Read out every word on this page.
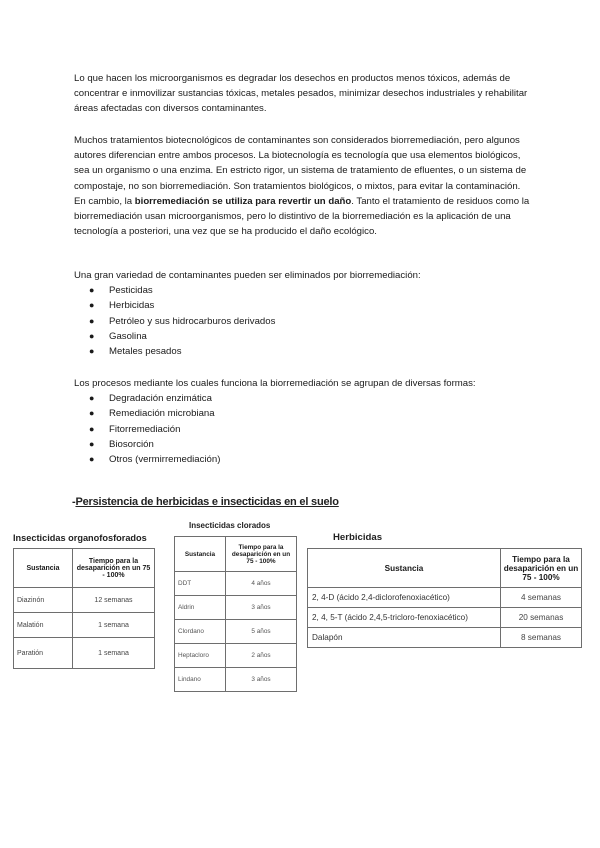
Lo que hacen los microorganismos es degradar los desechos en productos menos tóxicos, además de concentrar e inmovilizar sustancias tóxicas, metales pesados, minimizar desechos industriales y rehabilitar áreas afectadas con diversos contaminantes.

Muchos tratamientos biotecnológicos de contaminantes son considerados biorremediación, pero algunos autores diferencian entre ambos procesos. La biotecnología es tecnología que usa elementos biológicos, sea un organismo o una enzima. En estricto rigor, un sistema de tratamiento de efluentes, o un sistema de compostaje, no son biorremediación. Son tratamientos biológicos, o mixtos, para evitar la contaminación. En cambio, la biorremediación se utiliza para revertir un daño. Tanto el tratamiento de residuos como la biorremediación usan microorganismos, pero lo distintivo de la biorremediación es la aplicación de una tecnología a posteriori, una vez que se ha producido el daño ecológico.

Una gran variedad de contaminantes pueden ser eliminados por biorremediación:

● Pesticidas
● Herbicidas
● Petróleo y sus hidrocarburos derivados
● Gasolina
● Metales pesados

Los procesos mediante los cuales funciona la biorremediación se agrupan de diversas formas:

● Degradación enzimática
● Remediación microbiana
● Fitorremediación
● Biosorción
● Otros (vermirremediación)
-Persistencia de herbicidas e insecticidas en el suelo
Insecticidas organofosforados
Sustancia	Tiempo para la desaparición en un 75 - 100%
Diazinón	12 semanas
Malatión	1 semana
Paratión	1 semana
Insecticidas clorados
Sustancia	Tiempo para la desaparición en un 75 - 100%
DDT	4 años
Aldrin	3 años
Clordano	5 años
Heptacloro	2 años
Lindano	3 años
Herbicidas
Sustancia	Tiempo para la desaparición en un 75 - 100%
2, 4-D (ácido 2,4-diclorofenoxiacético)	4 semanas
2, 4, 5-T (ácido 2,4,5-tricloro-fenoxiacético)	20 semanas
Dalapón	8 semanas
